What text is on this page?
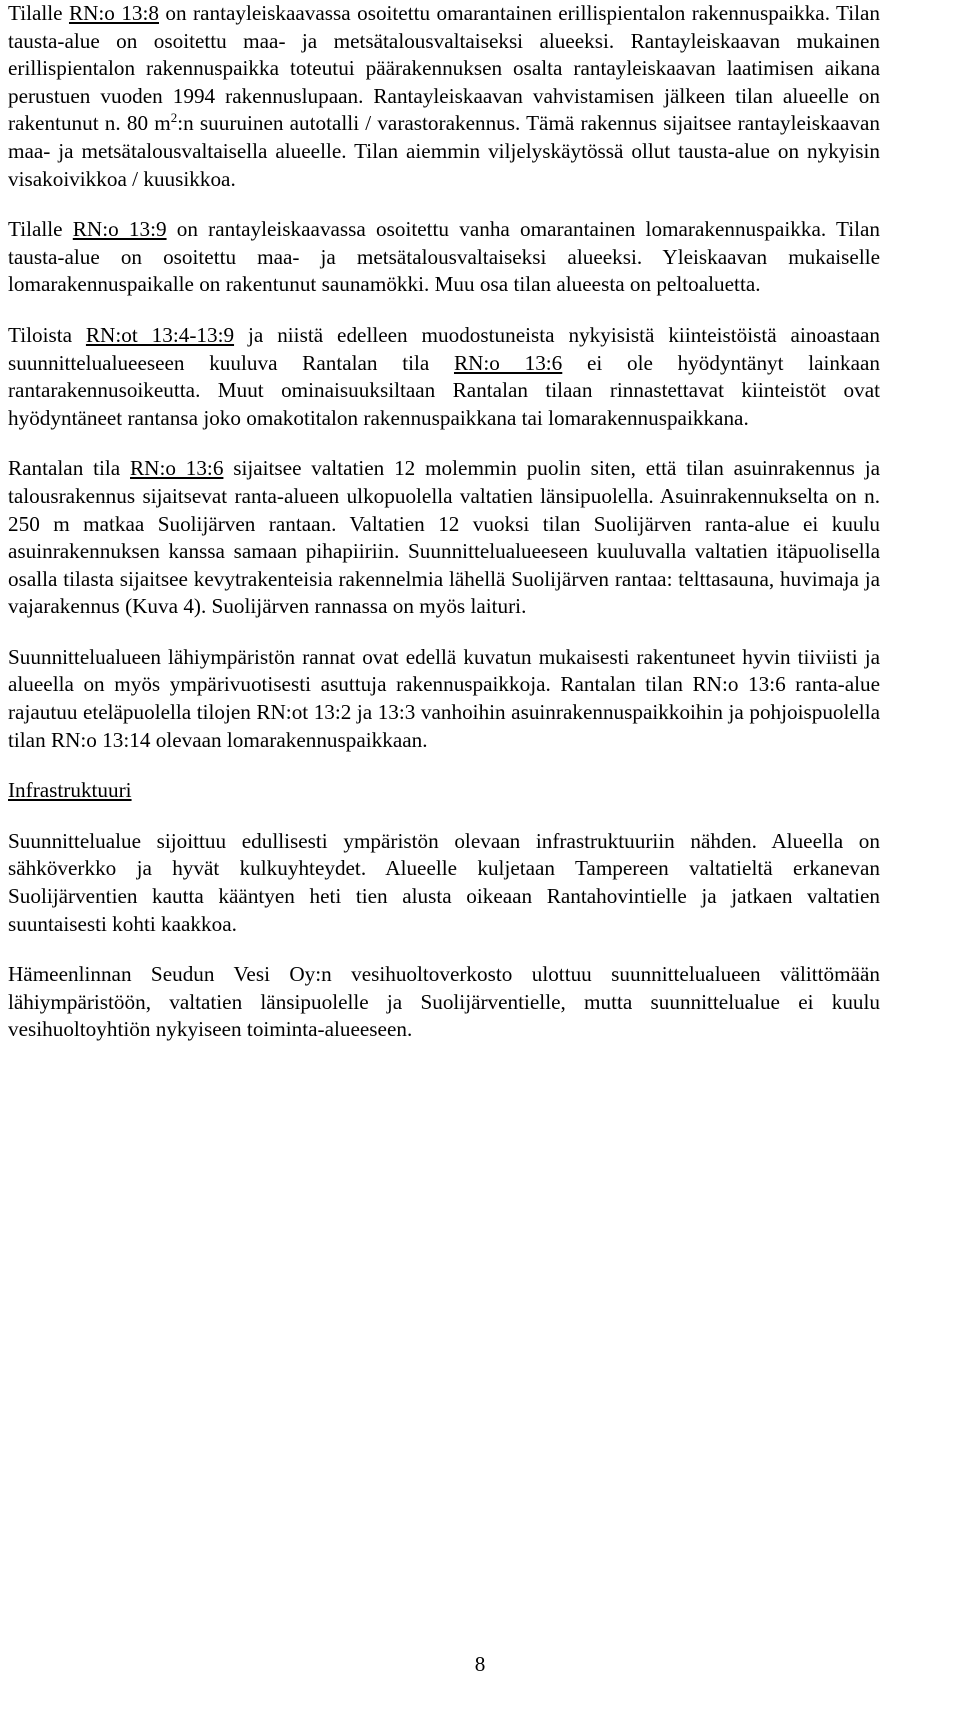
Tilalle RN:o 13:8 on rantayleiskaavassa osoitettu omarantainen erillispientalon rakennuspaikka. Tilan tausta-alue on osoitettu maa- ja metsätalousvaltaiseksi alueeksi. Rantayleiskaavan mukainen erillispientalon rakennuspaikka toteutui päärakennuksen osalta rantayleiskaavan laatimisen aikana perustuen vuoden 1994 rakennuslupaan. Rantayleiskaavan vahvistamisen jälkeen tilan alueelle on rakentunut n. 80 $m^2:n$ suuruinen autotalli / varastorakennus. Tämä rakennus sijaitsee rantayleiskaavan maa- ja metsätalousvaltaisella alueelle. Tilan aiemmin viljelyskäytössä ollut tausta-alue on nykyisin visakoivikkoa / kuusikkoa.

Tilalle RN:o 13:9 on rantayleiskaavassa osoitettu vanha omarantainen lomarakennuspaikka. Tilan tausta-alue on osoitettu maa- ja metsätalousvaltaiseksi alueeksi. Yleiskaavan mukaiselle lomarakennuspaikalle on rakentunut saunamökki. Muu osa tilan alueesta on peltoaluetta.

Tiloista RN:ot 13:4-13:9 ja niistä edelleen muodostuneista nykyisistä kiinteistöistä ainoastaan suunnittelualueeseen kuuluva Rantalan tila RN:o 13:6 ei ole hyödyntänyt lainkaan rantarakennusoikeutta. Muut ominaisuuksiltaan Rantalan tilaan rinnastettavat kiinteistöt ovat hyödyntäneet rantansa joko omakotitalon rakennuspaikkana tai lomarakennuspaikkana.

Rantalan tila RN:o 13:6 sijaitsee valtatien 12 molemmin puolin siten, että tilan asuinrakennus ja talousrakennus sijaitsevat ranta-alueen ulkopuolella valtatien länsipuolella. Asuinrakennukselta on n. 250 m matkaa Suolijärven rantaan. Valtatien 12 vuoksi tilan Suolijärven ranta-alue ei kuulu asuinrakennuksen kanssa samaan pihapiiriin. Suunnittelualueeseen kuuluvalla valtatien itäpuolisella osalla tilasta sijaitsee kevytrakenteisia rakennelmia lähellä Suolijärven rantaa: telttasauna, huvimaja ja vajarakennus (Kuva 4). Suolijärven rannassa on myös laituri.

Suunnittelualueen lähiympäristön rannat ovat edellä kuvatun mukaisesti rakentuneet hyvin tiiviisti ja alueella on myös ympärivuotisesti asuttuja rakennuspaikkoja. Rantalan tilan RN:o 13:6 ranta-alue rajautuu eteläpuolella tilojen RN:ot 13:2 ja 13:3 vanhoihin asuinrakennuspaikkoihin ja pohjoispuolella tilan RN:o 13:14 olevaan lomarakennuspaikkaan.

Infrastruktuuri

Suunnittelualue sijoittuu edullisesti ympäristön olevaan infrastruktuuriin nähden. Alueella on sähköverkko ja hyvät kulkuyhteydet. Alueelle kuljetaan Tampereen valtatieltä erkanevan Suolijärventien kautta kääntyen heti tien alusta oikeaan Rantahovintielle ja jatkaen valtatien suuntaisesti kohti kaakkoa.

Hämeenlinnan Seudun Vesi Oy:n vesihuoltoverkosto ulottuu suunnittelualueen välittömään lähiympäristöön, valtatien länsipuolelle ja Suolijärventielle, mutta suunnittelualue ei kuulu vesihuoltoyhtiön nykyiseen toiminta-alueeseen.

8
